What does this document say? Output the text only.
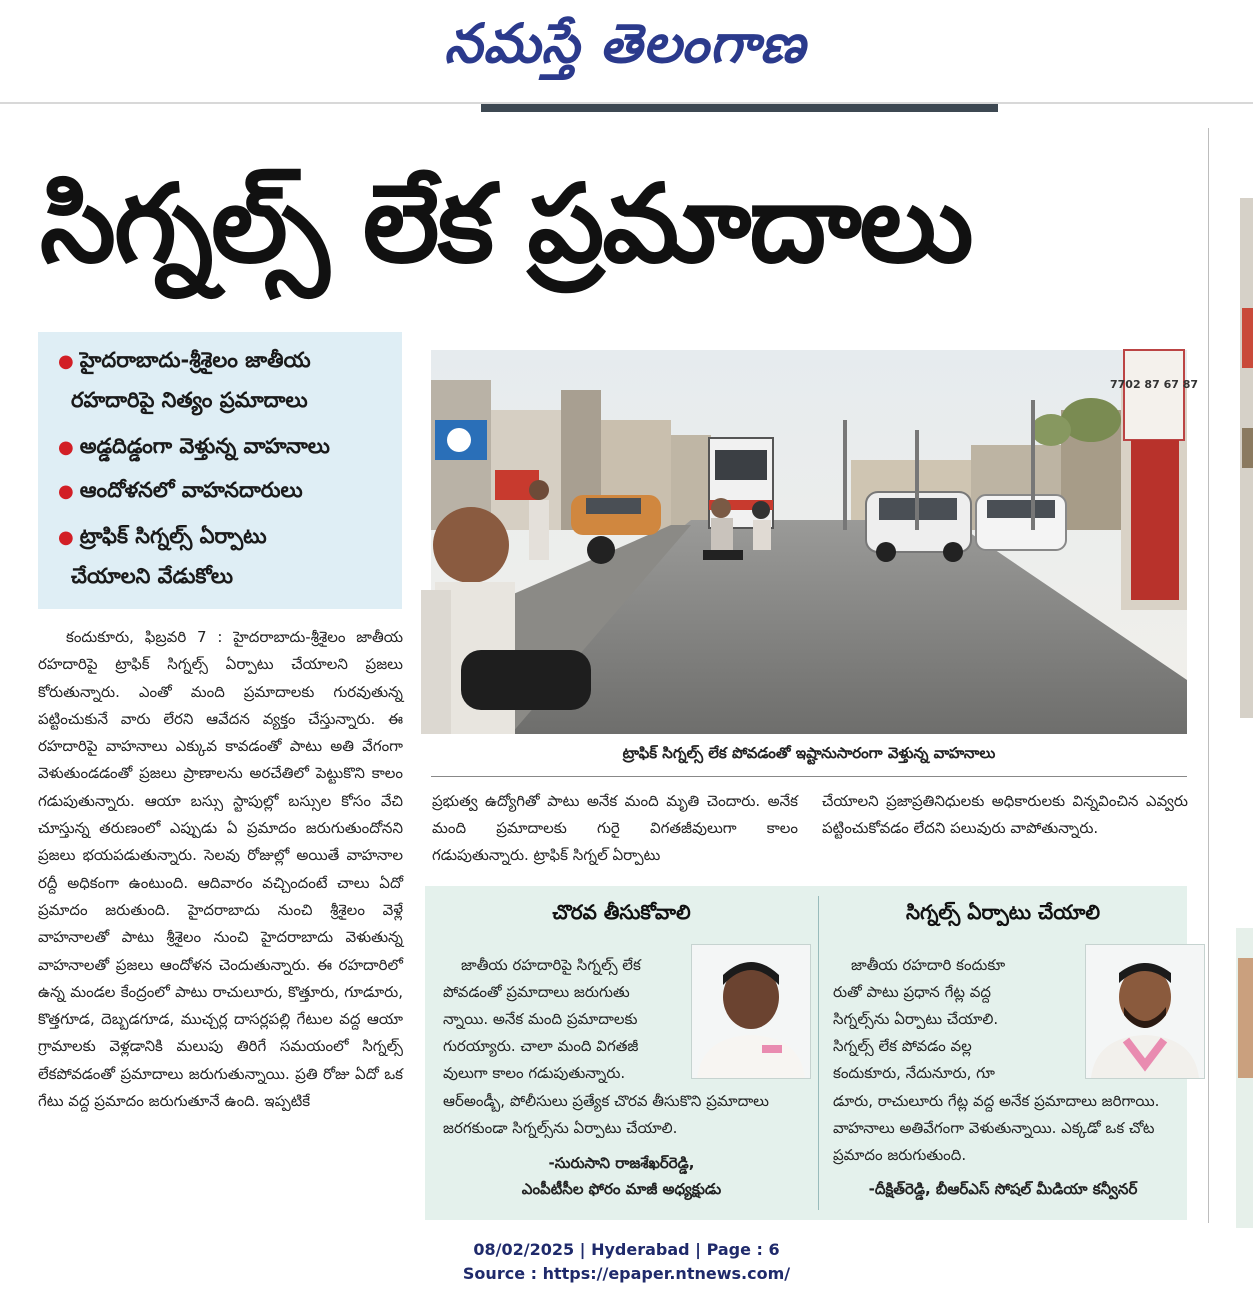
నమస్తే తెలంగాణ
సిగ్నల్స్ లేక ప్రమాదాలు
● హైదరాబాదు-శ్రీశైలం జాతీయ
రహదారిపై నిత్యం ప్రమాదాలు
● అడ్డదిడ్డంగా వెళ్తున్న వాహనాలు
● ఆందోళనలో వాహనదారులు
● ట్రాఫిక్ సిగ్నల్స్ ఏర్పాటు
చేయాలని వేడుకోలు

కందుకూరు, ఫిబ్రవరి 7 : హైదరాబాదు-శ్రీశైలం జాతీయ రహదారిపై ట్రాఫిక్ సిగ్నల్స్ ఏర్పాటు చేయాలని ప్రజలు కోరుతున్నారు. ఎంతో మంది ప్రమాదాలకు గురవుతున్న పట్టించుకునే వారు లేరని ఆవేదన వ్యక్తం చేస్తున్నారు. ఈ రహదారిపై వాహనాలు ఎక్కువ కావడంతో పాటు అతి వేగంగా వెళుతుండడంతో ప్రజలు ప్రాణాలను అరచేతిలో పెట్టుకొని కాలం గడుపుతున్నారు. ఆయా బస్సు స్టాపుల్లో బస్సుల కోసం వేచి చూస్తున్న తరుణంలో ఎప్పుడు ఏ ప్రమాదం జరుగుతుందోనని ప్రజలు భయపడుతున్నారు. సెలవు రోజుల్లో అయితే వాహనాల రద్దీ అధికంగా ఉంటుంది. ఆదివారం వచ్చిందంటే చాలు ఏదో ప్రమాదం జరుతుంది. హైదరాబాదు నుంచి శ్రీశైలం వెళ్లే వాహనాలతో పాటు శ్రీశైలం నుంచి హైదరాబాదు వెళుతున్న వాహనాలతో ప్రజలు ఆందోళన చెందుతున్నారు. ఈ రహదారిలో ఉన్న మండల కేంద్రంలో పాటు రాచులూరు, కొత్తూరు, గూడూరు, కొత్తగూడ, దెబ్బడగూడ, ముచ్చర్ల దాసర్లపల్లి గేటుల వద్ద ఆయా గ్రామాలకు వెళ్లడానికి మలుపు తిరిగే సమయంలో సిగ్నల్స్ లేకపోవడంతో ప్రమాదాలు జరుగుతున్నాయి. ప్రతి రోజు ఏదో ఒక గేటు వద్ద ప్రమాదం జరుగుతూనే ఉంది. ఇప్పటికే

7702 87 67 87
ట్రాఫిక్ సిగ్నల్స్ లేక పోవడంతో ఇష్టానుసారంగా వెళ్తున్న వాహనాలు
ప్రభుత్వ ఉద్యోగితో పాటు అనేక మంది మృతి చెందారు. అనేక మంది ప్రమాదాలకు గురై విగతజీవులుగా కాలం గడుపుతున్నారు. ట్రాఫిక్ సిగ్నల్ ఏర్పాటు
చేయాలని ప్రజాప్రతినిధులకు అధికారులకు విన్నవించిన ఎవ్వరు పట్టించుకోవడం లేదని పలువురు వాపోతున్నారు.
చొరవ తీసుకోవాలి
జాతీయ రహదారిపై సిగ్నల్స్ లేక
పోవడంతో ప్రమాదాలు జరుగుతు
న్నాయి. అనేక మంది ప్రమాదాలకు
గురయ్యారు. చాలా మంది విగతజీ
వులుగా కాలం గడుపుతున్నారు.
ఆర్అండ్బీ, పోలీసులు ప్రత్యేక చొరవ తీసుకొని ప్రమాదాలు జరగకుండా సిగ్నల్స్‌ను ఏర్పాటు చేయాలి.
-సురుసాని రాజశేఖర్‌రెడ్డి,
ఎంపీటీసీల ఫోరం మాజీ అధ్యక్షుడు
సిగ్నల్స్ ఏర్పాటు చేయాలి
జాతీయ రహదారి కందుకూ
రుతో పాటు ప్రధాన గేట్ల వద్ద
సిగ్నల్స్‌ను ఏర్పాటు చేయాలి.
సిగ్నల్స్ లేక పోవడం వల్ల
కందుకూరు, నేదునూరు, గూ
డూరు, రాచులూరు గేట్ల వద్ద అనేక ప్రమాదాలు జరిగాయి. వాహనాలు అతివేగంగా వెళుతున్నాయి. ఎక్కడో ఒక చోట ప్రమాదం జరుగుతుంది.
-దీక్షిత్‌రెడ్డి, బీఆర్ఎస్ సోషల్ మీడియా కన్వీనర్
08/02/2025 | Hyderabad | Page : 6
Source : https://epaper.ntnews.com/
